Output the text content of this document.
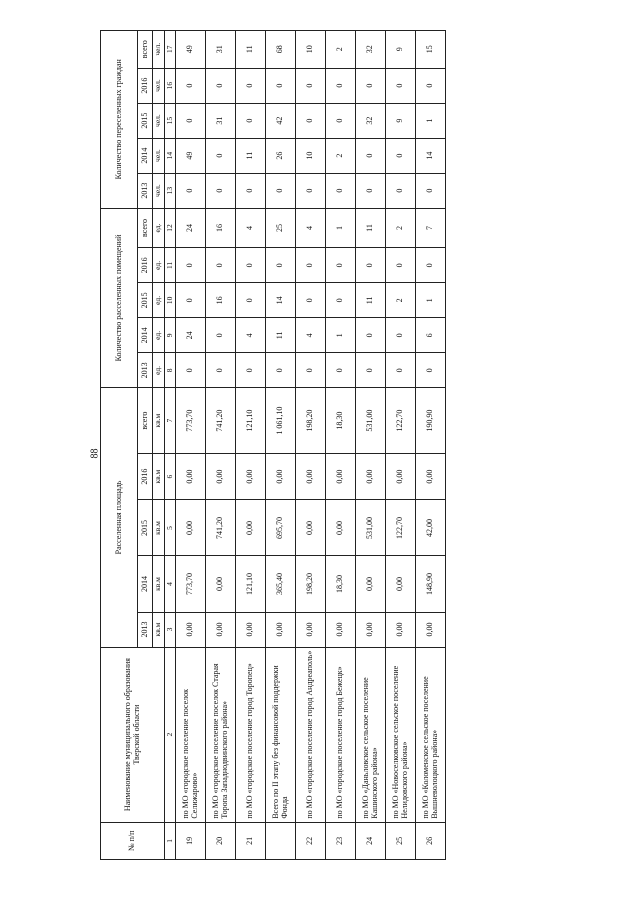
88
№ п/п	Наименование муниципального образования Тверской области	Расселенная площадь					Количество расселенных помещений					Количество переселенных граждан				
		2013	2014	2015	2016	всего	2013	2014	2015	2016	всего	2013	2014	2015	2016	всего
		кв.м	кв.м	кв.м	кв.м	кв.м	ед.	ед.	ед.	ед.	ед.	чел.	чел.	чел.	чел.	чел.
1	2	3	4	5	6	7	8	9	10	11	12	13	14	15	16	17
19	по МО «городское поселение поселок Селижарово»	0,00	773,70	0,00	0,00	773,70	0	24	0	0	24	0	49	0	0	49
20	по МО «городское поселение поселок Старая Торопа Западнодвинского района»	0,00	0,00	741,20	0,00	741,20	0	0	16	0	16	0	0	31	0	31
21	по МО «городское поселение город Торопец»	0,00	121,10	0,00	0,00	121,10	0	4	0	0	4	0	11	0	0	11
	Всего по II этапу без финансовой поддержки Фонда	0,00	365,40	695,70	0,00	1 061,10	0	11	14	0	25	0	26	42	0	68
22	по МО «городское поселение город Андреаполь»	0,00	198,20	0,00	0,00	198,20	0	4	0	0	4	0	10	0	0	10
23	по МО «городское поселение город Бежецк»	0,00	18,30	0,00	0,00	18,30	0	1	0	0	1	0	2	0	0	2
24	по МО «Даньловское сельское поселение Кашинского района»	0,00	0,00	531,00	0,00	531,00	0	0	11	0	11	0	0	32	0	32
25	по МО «Новоселковское сельское поселение Нелидовского района»	0,00	0,00	122,70	0,00	122,70	0	0	2	0	2	0	0	9	0	9
26	по МО «Коломенское сельское поселение Вышневолоцкого района»	0,00	148,90	42,00	0,00	190,90	0	6	1	0	7	0	14	1	0	15
